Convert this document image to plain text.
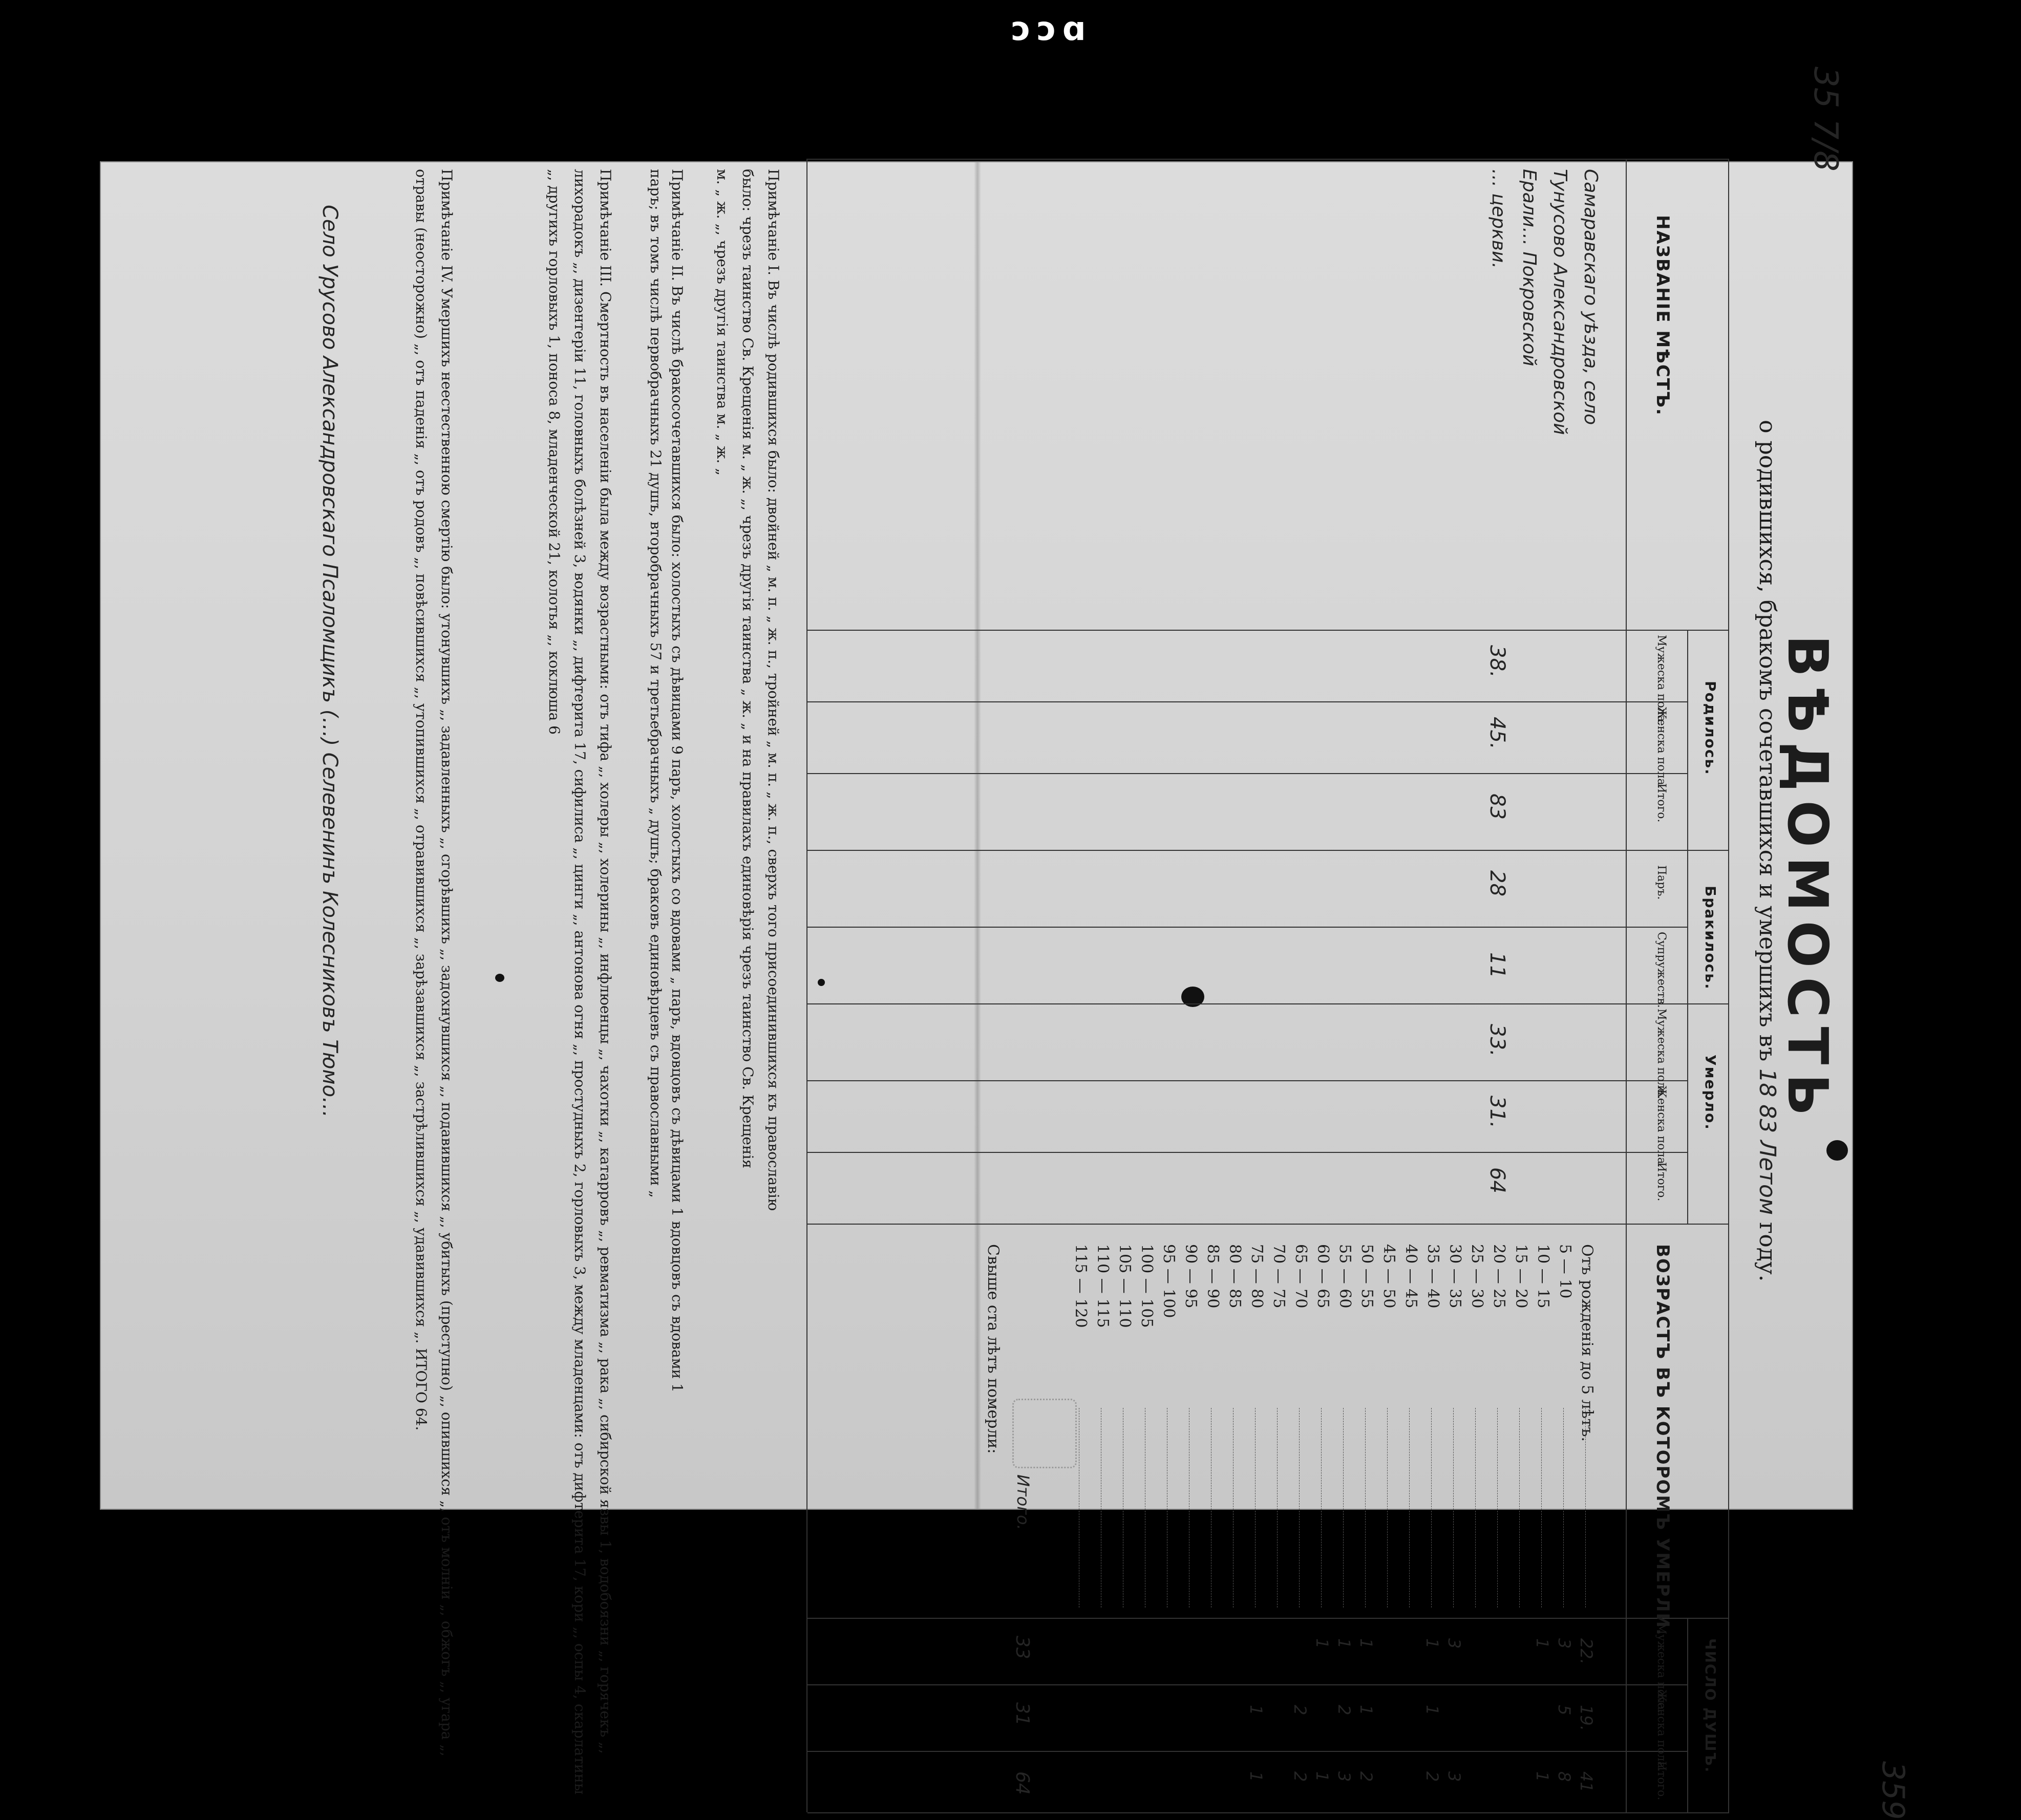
ɔɔɑ
359
35 7/8
ВѢДОМОСТЬ
о родившихся, бракомъ сочетавшихся и умершихъ въ 18 83 Летом году.
НАЗВАНІЕ МѢСТЪ.
Родилось.
Бракилось.
Умерло.
Мужеска пола.
Женска пола.
Итого.
Паръ.
Супружеств.
Мужеска пола.
Женска пола.
Итого.
ВОЗРАСТЪ ВЪ КОТОРОМЪ УМЕРЛИ.
ЧИСЛО ДУШЪ.
Мужеска пола.
Женска пола.
Итого.
Самаравскаго уѣзда, село
Тунусово Александровской
Ерали… Покровской
… церкви.
38.
45.
83
28
11
33.
31.
64
Отъ рожденія до 5 лѣтъ.
22.
19.
41
5 — 10
3
5
8
10 — 15
1
1
15 — 20
20 — 25
25 — 30
30 — 35
3
3
35 — 40
1
1
2
40 — 45
45 — 50
50 — 55
1
1
2
55 — 60
1
2
3
60 — 65
1
1
65 — 70
2
2
70 — 75
75 — 80
1
1
80 — 85
85 — 90
90 — 95
95 — 100
100 — 105
105 — 110
110 — 115
115 — 120
Свыше ста лѣтъ померли:
Итого.
33
31
64
Примѣчаніе I. Въ числѣ родившихся было: двойней „ м. п. „ ж. п., тройней „ м. п. „ ж. п., сверхъ того присоединившихся къ православію
было: чрезъ таинство Св. Крещенія м. „ ж. „, чрезъ другія таинства „ ж. „ и на правилахъ единовѣрія чрезъ таинство Св. Крещенія
м. „ ж. „, чрезъ другія таинства м. „ ж. „
Примѣчаніе II. Въ числѣ бракосочетавшихся было: холостыхъ съ дѣвицами 9 паръ, холостыхъ со вдовами „ паръ, вдовцовъ съ дѣвицами 1 вдовцовъ съ вдовами 1
паръ; въ томъ числѣ первобрачныхъ 21 душъ, второбрачныхъ 57 и третьебрачныхъ „ душъ; браковъ единовѣрцевъ съ православными „
Примѣчаніе III. Смертность въ населеніи была между возрастными: отъ тифа „, холеры „, холерины „, инфлюенцы „, чахотки „, катарровъ „, ревматизма „, рака „, сибирской язвы 1, водобоязни „, горячекъ „, лихорадокъ „, дизентеріи 11, головныхъ болѣзней 3, водянки „, дифтерита 17, сифилиса „, цинги „, антонова огня „, простудныхъ 2, горловыхъ 3, между младенцами: отъ дифтерита 17, кори „, оспы 4, скарлатины „, другихъ горловыхъ 1, поноса 8, младенческой 21, колотья „, коклюша 6
Примѣчаніе IV. Умершихъ неестественною смертію было: утонувшихъ „, задавленныхъ „, сгорѣвшихъ „, задохнувшихся „, подавившихся „, убитыхъ (преступно) „, опившихся „, отъ молніи „, обжогъ „, угара „, отравы (неосторожно) „, отъ паденія „, отъ родовъ „, повѣсившихся „, утопившихся „, отравившихся „, зарѣзавшихся „, застрѣлившихся „, удавившихся „. ИТОГО 64.
Село Урусово Александровскаго Псаломщикъ (…) Селевенинъ Колесниковъ Тюмо…
